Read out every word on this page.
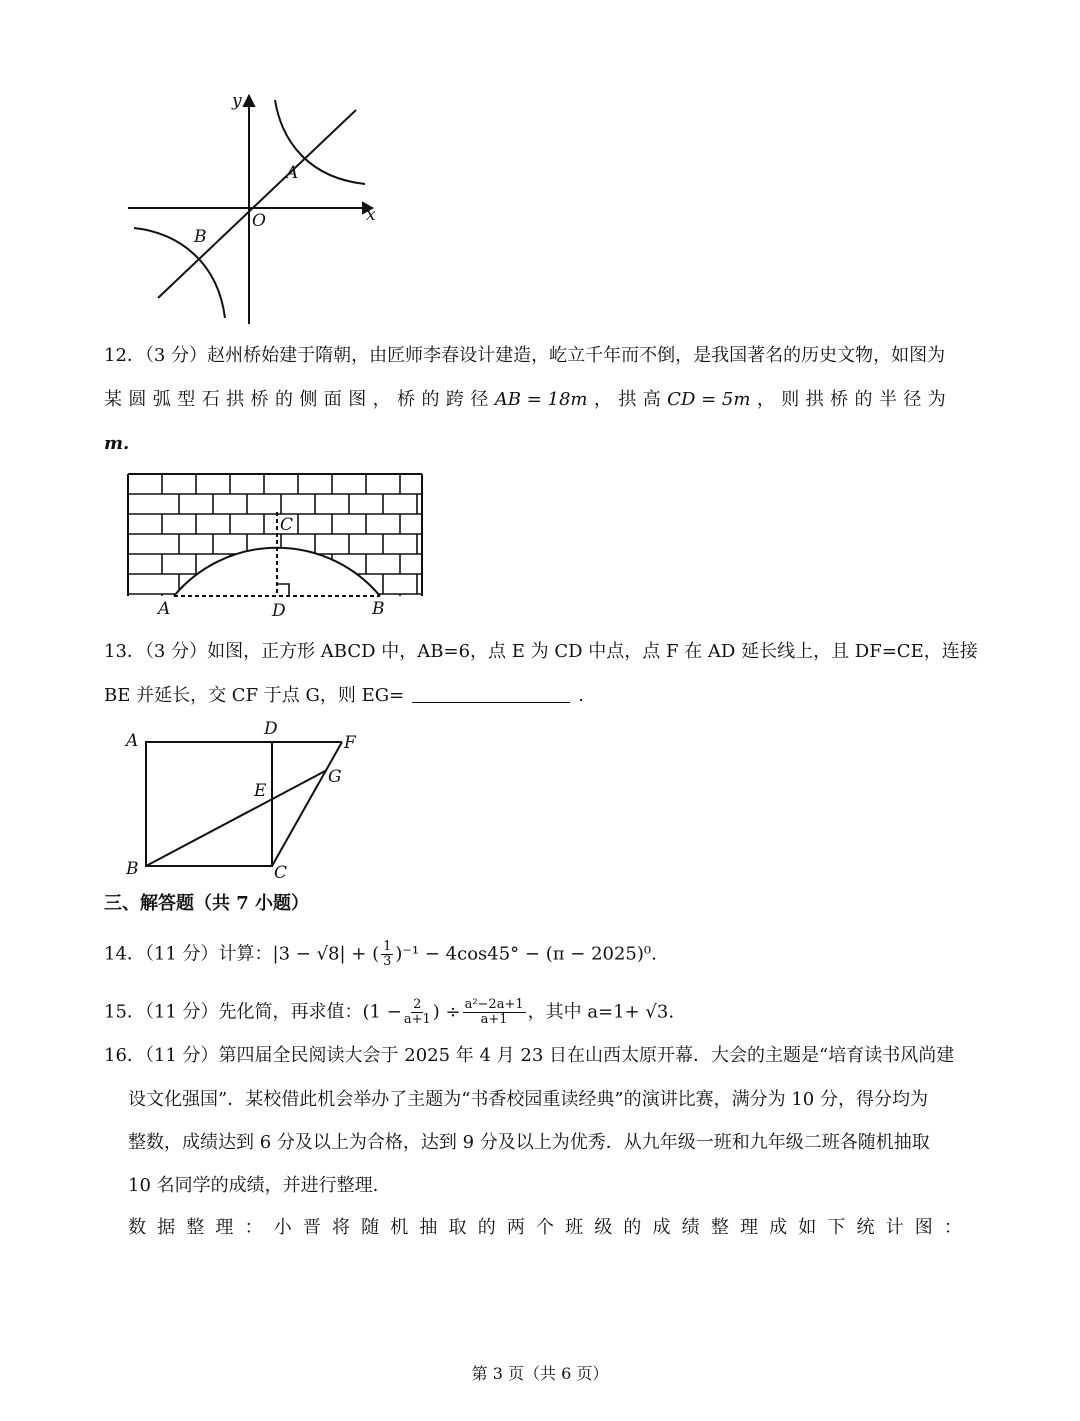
y
x
O
A
B
12．（3 分）赵州桥始建于隋朝，由匠师李春设计建造，屹立千年而不倒，是我国著名的历史文物，如图为
某 圆 弧 型 石 拱 桥 的 侧 面 图 ， 桥 的 跨 径 AB = 18m ， 拱 高 CD = 5m ， 则 拱 桥 的 半 径 为
m.
C
A	D	B
13．（3 分）如图，正方形 ABCD 中，AB=6，点 E 为 CD 中点，点 F 在 AD 延长线上，且 DF=CE，连接
BE 并延长，交 CF 于点 G，则 EG=	.
A
D
F
G
E
B	C
三、解答题（共 7 小题）
14．（11 分）计算：|3 − √8| + ( $\frac{1}{3} )^{-1} - 4\cos 45^\circ - (\pi - 2025)^0$.
15．（11 分）先化简，再求值：($1 - \frac{2}{a+1}$ ) ÷ $\frac{\text{a²−2a+1}}{a+1}$ ，其中 a=1+ √3.
16．（11 分）第四届全民阅读大会于 2025 年 4 月 23 日在山西太原开幕．大会的主题是“培育读书风尚建
设文化强国”．某校借此机会举办了主题为“书香校园重读经典”的演讲比赛，满分为 10 分，得分均为
整数，成绩达到 6 分及以上为合格，达到 9 分及以上为优秀．从九年级一班和九年级二班各随机抽取
10 名同学的成绩，并进行整理.
数 据 整 理 ： 小 晋 将 随 机 抽 取 的 两 个 班 级 的 成 绩 整 理 成 如 下 统 计 图 ：
第 3 页（共 6 页）
